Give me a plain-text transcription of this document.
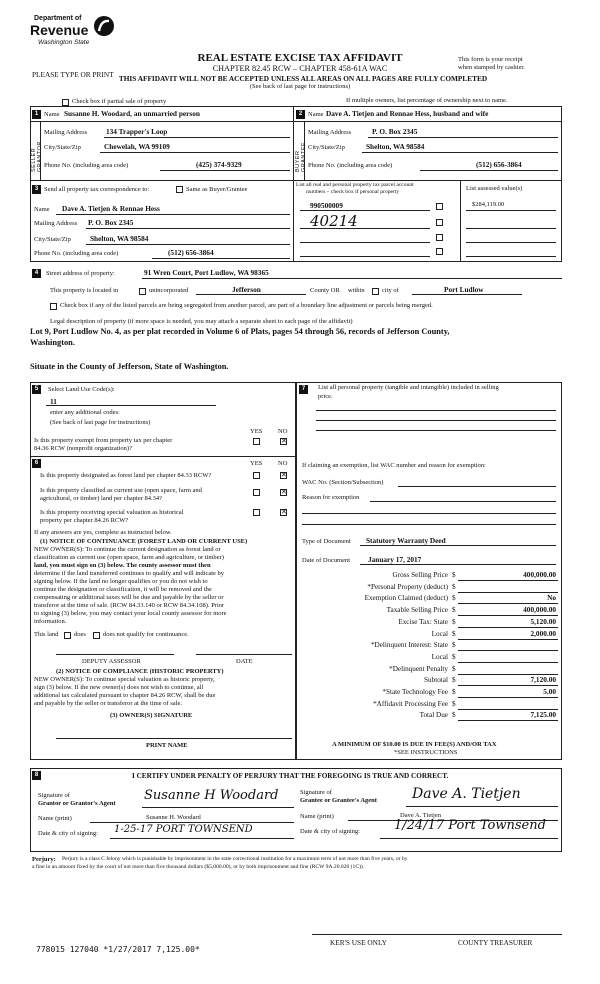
Department of
Revenue
Washington State
PLEASE TYPE OR PRINT
REAL ESTATE EXCISE TAX AFFIDAVIT
CHAPTER 82.45 RCW – CHAPTER 458-61A WAC
THIS AFFIDAVIT WILL NOT BE ACCEPTED UNLESS ALL AREAS ON ALL PAGES ARE FULLY COMPLETED
(See back of last page for instructions)
This form is your receipt
when stamped by cashier.
Check box if partial sale of property	If multiple owners, list percentage of ownership next to name.
1 Name Susanne H. Woodard, an unmarried person
SELLER GRANTOR
Mailing Address	134 Trapper's Loop
City/State/Zip	Chewelah, WA 99109
Phone No. (including area code)	(425) 374-9329
2 Name Dave A. Tietjen and Rennae Hess, husband and wife
BUYER GRANTEE
Mailing Address	P. O. Box 2345
City/State/Zip	Shelton, WA 98584
Phone No. (including area code)	(512) 656-3864
3 Send all property tax correspondence to:	Same as Buyer/Grantee
Name Dave A. Tietjen & Rennae Hess
Mailing Address P. O. Box 2345
City/State/Zip	Shelton, WA 98584
Phone No. (including area code)	(512) 656-3864
List all real and personal property tax parcel account
numbers – check box if personal property	List assessed value(s)
990500009	$284,119.00
40214
4	Street address of property:	91 Wren Court, Port Ludlow, WA 98365
This property is located in	unincorporated	Jefferson	County OR within	city of	Port Ludlow
Check box if any of the listed parcels are being segregated from another parcel, are part of a boundary line adjustment or parcels being merged.
Legal description of property (if more space is needed, you may attach a separate sheet to each page of the affidavit)
Lot 9, Port Ludlow No. 4, as per plat recorded in Volume 6 of Plats, pages 54 through 56, records of Jefferson County,
Washington.
Situate in the County of Jefferson, State of Washington.
5	Select Land Use Code(s):
11
enter any additional codes:
(See back of last page for instructions)
YES NO
Is this property exempt from property tax per chapter
84.36 RCW (nonprofit organization)?
✕
6	YES NO
Is this property designated as forest land per chapter 84.33 RCW?	✕
Is this property classified as current use (open space, farm and
agricultural, or timber) land per chapter 84.34?
✕
Is this property receiving special valuation as historical
property per chapter 84.26 RCW?
✕
If any answers are yes, complete as instructed below.
(1) NOTICE OF CONTINUANCE (FOREST LAND OR CURRENT USE)
NEW OWNER(S): To continue the current designation as forest land or
classification as current use (open space, farm and agriculture, or timber)
land, you must sign on (3) below. The county assessor must then
determine if the land transferred continues to qualify and will indicate by
signing below. If the land no longer qualifies or you do not wish to
continue the designation or classification, it will be removed and the
compensating or additional taxes will be due and payable by the seller or
transferor at the time of sale. (RCW 84.33.140 or RCW 84.34.108). Prior
to signing (3) below, you may contact your local county assessor for more
information.
This land does	does not qualify for continuance.
DEPUTY ASSESSOR	DATE
(2) NOTICE OF COMPLIANCE (HISTORIC PROPERTY)
NEW OWNER(S): To continue special valuation as historic property,
sign (3) below. If the new owner(s) does not wish to continue, all
additional tax calculated pursuant to chapter 84.26 RCW, shall be due
and payable by the seller or transferor at the time of sale.
(3) OWNER(S) SIGNATURE
PRINT NAME
7	List all personal property (tangible and intangible) included in selling
price.
If claiming an exemption, list WAC number and reason for exemption:
WAC No. (Section/Subsection)
Reason for exemption
Type of Document Statutory Warranty Deed
Date of Document January 17, 2017
Gross Selling Price $	400,000.00
*Personal Property (deduct) $
Exemption Claimed (deduct) $	No
Taxable Selling Price $	400,000.00
Excise Tax: State $	5,120.00
Local $	2,000.00
*Delinquent Interest: State $
Local $
*Delinquent Penalty $
Subtotal $	7,120.00
*State Technology Fee $	5.00
*Affidavit Processing Fee $
Total Due $	7,125.00
A MINIMUM OF $10.00 IS DUE IN FEE(S) AND/OR TAX
*SEE INSTRUCTIONS
8	I CERTIFY UNDER PENALTY OF PERJURY THAT THE FOREGOING IS TRUE AND CORRECT.
Signature of
Grantor or Grantor's Agent
Susanne H Woodard	Signature of
Grantee or Grantee's Agent	Dave A. Tietjen
Name (print)	Susanne H. Woodard	Name (print)	Dave A. Tietjen
Date & city of signing: 1-25-17 PORT TOWNSEND	Date & city of signing:	1/24/17 Port Townsend
Perjury: Perjury is a class C felony which is punishable by imprisonment in the state correctional institution for a maximum term of not more than five years, or by
a fine in an amount fixed by the court of not more than five thousand dollars ($5,000.00), or by both imprisonment and fine (RCW 9A.20.020 (1C)).
778015 127040 *1/27/2017 7,125.00*
KER'S USE ONLY	COUNTY TREASURER
